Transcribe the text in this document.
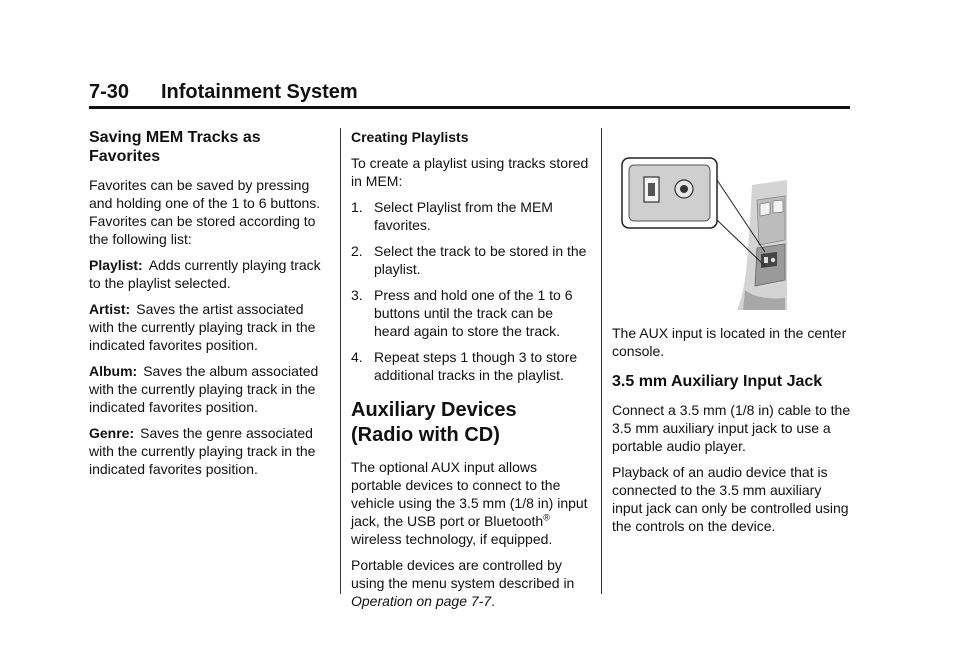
7-30 Infotainment System
Saving MEM Tracks as Favorites

Favorites can be saved by pressing and holding one of the 1 to 6 buttons. Favorites can be stored according to the following list:

Playlist: Adds currently playing track to the playlist selected.

Artist: Saves the artist associated with the currently playing track in the indicated favorites position.

Album: Saves the album associated with the currently playing track in the indicated favorites position.

Genre: Saves the genre associated with the currently playing track in the indicated favorites position.

Creating Playlists

To create a playlist using tracks stored in MEM:

1. Select Playlist from the MEM favorites.
2. Select the track to be stored in the playlist.
3. Press and hold one of the 1 to 6 buttons until the track can be heard again to store the track.
4. Repeat steps 1 though 3 to store additional tracks in the playlist.
Auxiliary Devices
(Radio with CD)

The optional AUX input allows portable devices to connect to the vehicle using the 3.5 mm (1/8 in) input jack, the USB port or Bluetooth® wireless technology, if equipped.

Portable devices are controlled by using the menu system described in Operation on page 7-7.

The AUX input is located in the center console.

3.5 mm Auxiliary Input Jack

Connect a 3.5 mm (1/8 in) cable to the 3.5 mm auxiliary input jack to use a portable audio player.

Playback of an audio device that is connected to the 3.5 mm auxiliary input jack can only be controlled using the controls on the device.
